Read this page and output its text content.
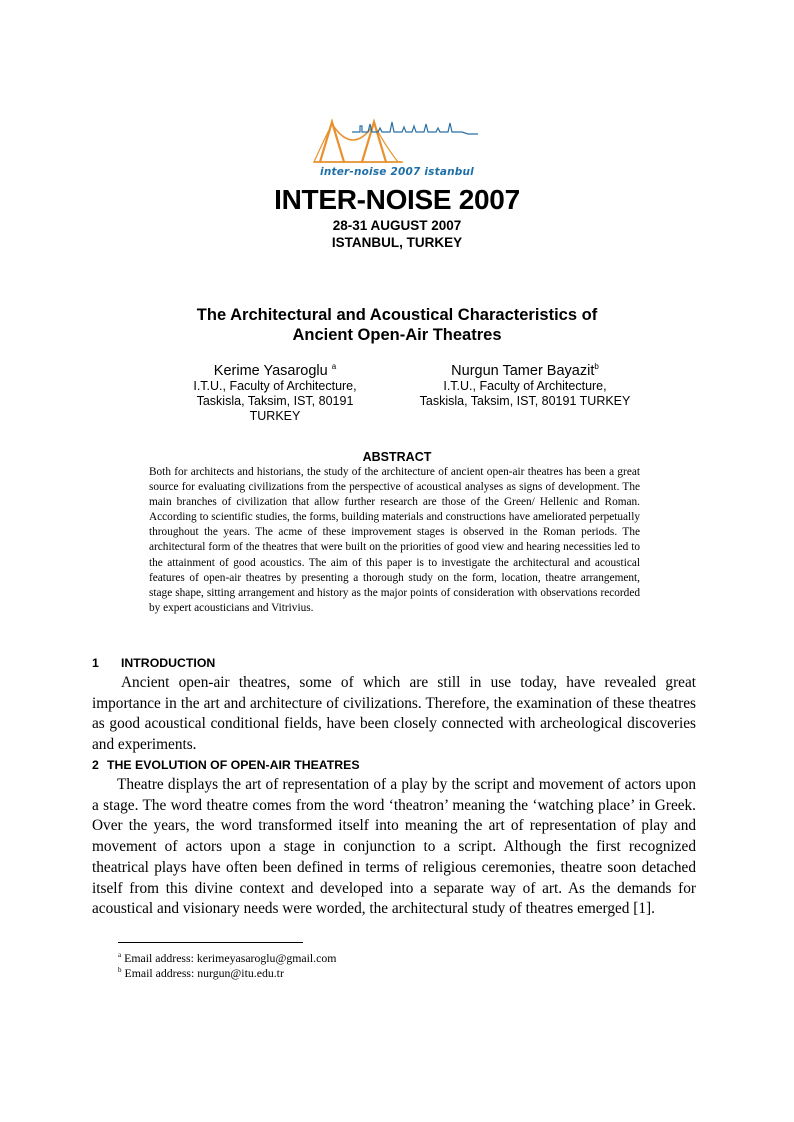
inter-noise 2007 istanbul
INTER-NOISE 2007
28-31 AUGUST 2007
ISTANBUL, TURKEY
The Architectural and Acoustical Characteristics of
Ancient Open-Air Theatres
Kerime Yasaroglu $^a$
I.T.U., Faculty of Architecture,
Taskisla, Taksim, IST, 80191
TURKEY
Nurgun Tamer Bayazit$^b$
I.T.U., Faculty of Architecture,
Taskisla, Taksim, IST, 80191 TURKEY
ABSTRACT
Both for architects and historians, the study of the architecture of ancient open-air theatres has been a great source for evaluating civilizations from the perspective of acoustical analyses as signs of development. The main branches of civilization that allow further research are those of the Green/ Hellenic and Roman. According to scientific studies, the forms, building materials and constructions have ameliorated perpetually throughout the years. The acme of these improvement stages is observed in the Roman periods. The architectural form of the theatres that were built on the priorities of good view and hearing necessities led to the attainment of good acoustics. The aim of this paper is to investigate the architectural and acoustical features of open-air theatres by presenting a thorough study on the form, location, theatre arrangement, stage shape, sitting arrangement and history as the major points of consideration with observations recorded by expert acousticians and Vitrivius.
1 INTRODUCTION
Ancient open-air theatres, some of which are still in use today, have revealed great importance in the art and architecture of civilizations. Therefore, the examination of these theatres as good acoustical conditional fields, have been closely connected with archeological discoveries and experiments.
2 THE EVOLUTION OF OPEN-AIR THEATRES
Theatre displays the art of representation of a play by the script and movement of actors upon a stage. The word theatre comes from the word ‘theatron’ meaning the ‘watching place’ in Greek. Over the years, the word transformed itself into meaning the art of representation of play and movement of actors upon a stage in conjunction to a script. Although the first recognized theatrical plays have often been defined in terms of religious ceremonies, theatre soon detached itself from this divine context and developed into a separate way of art. As the demands for acoustical and visionary needs were worded, the architectural study of theatres emerged [1].
$^a$ Email address: kerimeyasaroglu@gmail.com
$^b$ Email address: nurgun@itu.edu.tr
